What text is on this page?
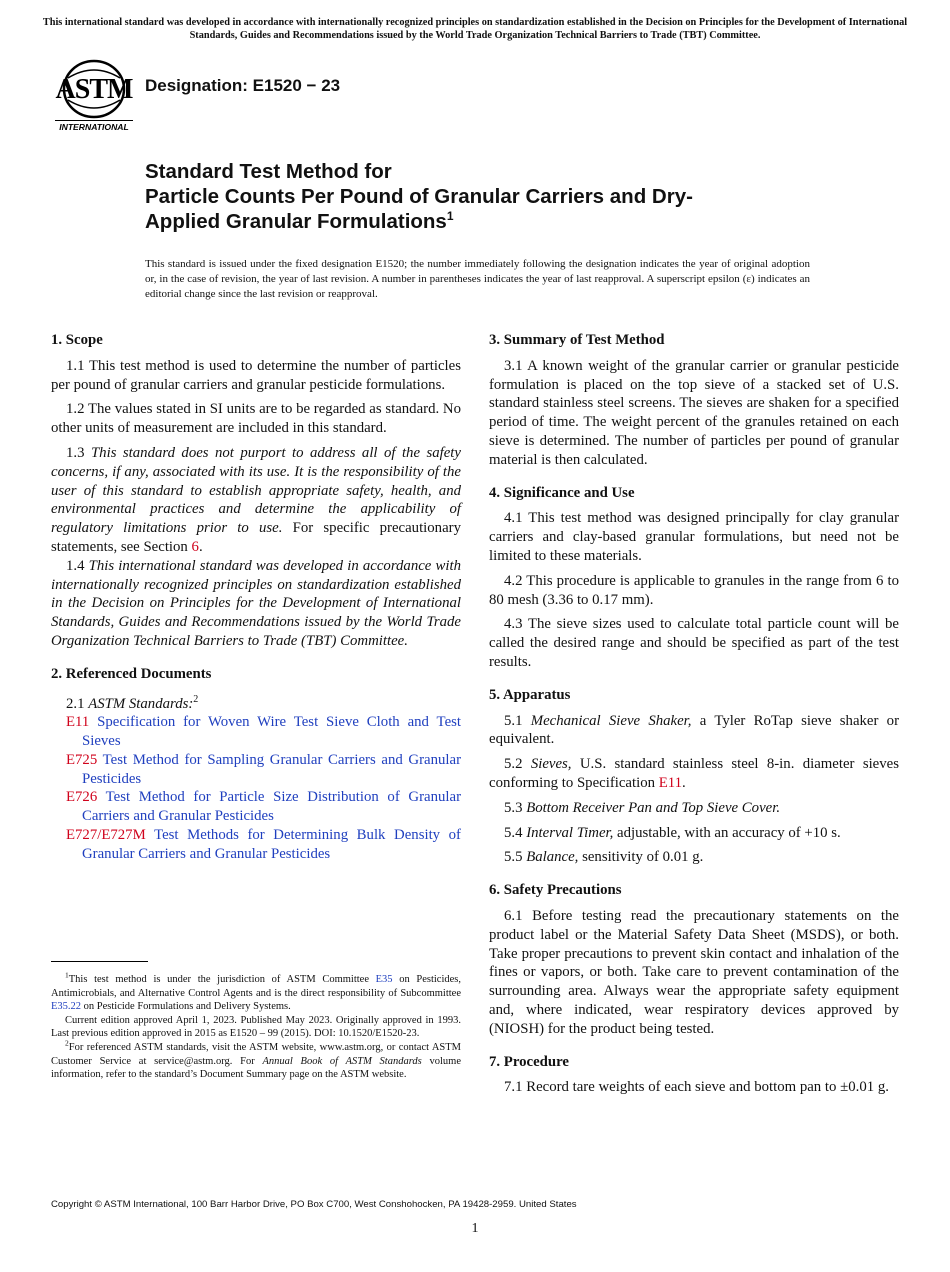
This international standard was developed in accordance with internationally recognized principles on standardization established in the Decision on Principles for the Development of International Standards, Guides and Recommendations issued by the World Trade Organization Technical Barriers to Trade (TBT) Committee.
ASTM
INTERNATIONAL
Designation: E1520 − 23
Standard Test Method for
Particle Counts Per Pound of Granular Carriers and Dry-
Applied Granular Formulations$^1$
This standard is issued under the fixed designation E1520; the number immediately following the designation indicates the year of original adoption or, in the case of revision, the year of last revision. A number in parentheses indicates the year of last reapproval. A superscript epsilon (ε) indicates an editorial change since the last revision or reapproval.
1. Scope

1.1 This test method is used to determine the number of particles per pound of granular carriers and granular pesticide formulations.

1.2 The values stated in SI units are to be regarded as standard. No other units of measurement are included in this standard.

1.3 This standard does not purport to address all of the safety concerns, if any, associated with its use. It is the responsibility of the user of this standard to establish appropriate safety, health, and environmental practices and determine the applicability of regulatory limitations prior to use. For specific precautionary statements, see Section 6.

1.4 This international standard was developed in accordance with internationally recognized principles on standardization established in the Decision on Principles for the Development of International Standards, Guides and Recommendations issued by the World Trade Organization Technical Barriers to Trade (TBT) Committee.

2. Referenced Documents
2.1 ASTM Standards:$^2$
E11 Specification for Woven Wire Test Sieve Cloth and Test Sieves
E725 Test Method for Sampling Granular Carriers and Granular Pesticides
E726 Test Method for Particle Size Distribution of Granular Carriers and Granular Pesticides
E727/E727M Test Methods for Determining Bulk Density of Granular Carriers and Granular Pesticides

$^1$This test method is under the jurisdiction of ASTM Committee E35 on Pesticides, Antimicrobials, and Alternative Control Agents and is the direct responsibility of Subcommittee E35.22 on Pesticide Formulations and Delivery Systems.

Current edition approved April 1, 2023. Published May 2023. Originally approved in 1993. Last previous edition approved in 2015 as E1520 – 99 (2015). DOI: 10.1520/E1520-23.

$^2$For referenced ASTM standards, visit the ASTM website, www.astm.org, or contact ASTM Customer Service at service@astm.org. For Annual Book of ASTM Standards volume information, refer to the standard’s Document Summary page on the ASTM website.

3. Summary of Test Method

3.1 A known weight of the granular carrier or granular pesticide formulation is placed on the top sieve of a stacked set of U.S. standard stainless steel screens. The sieves are shaken for a specified period of time. The weight percent of the granules retained on each sieve is determined. The number of particles per pound of granular material is then calculated.

4. Significance and Use

4.1 This test method was designed principally for clay granular carriers and clay-based granular formulations, but need not be limited to these materials.

4.2 This procedure is applicable to granules in the range from 6 to 80 mesh (3.36 to 0.17 mm).

4.3 The sieve sizes used to calculate total particle count will be called the desired range and should be specified as part of the test results.

5. Apparatus

5.1 Mechanical Sieve Shaker, a Tyler RoTap sieve shaker or equivalent.

5.2 Sieves, U.S. standard stainless steel 8-in. diameter sieves conforming to Specification E11.

5.3 Bottom Receiver Pan and Top Sieve Cover.

5.4 Interval Timer, adjustable, with an accuracy of +10 s.

5.5 Balance, sensitivity of 0.01 g.

6. Safety Precautions

6.1 Before testing read the precautionary statements on the product label or the Material Safety Data Sheet (MSDS), or both. Take proper precautions to prevent skin contact and inhalation of the fines or vapors, or both. Take care to prevent contamination of the surrounding area. Always wear the appropriate safety equipment and, where indicated, wear respiratory devices approved by (NIOSH) for the product being tested.

7. Procedure

7.1 Record tare weights of each sieve and bottom pan to ±0.01 g.

Copyright © ASTM International, 100 Barr Harbor Drive, PO Box C700, West Conshohocken, PA 19428-2959. United States
1
